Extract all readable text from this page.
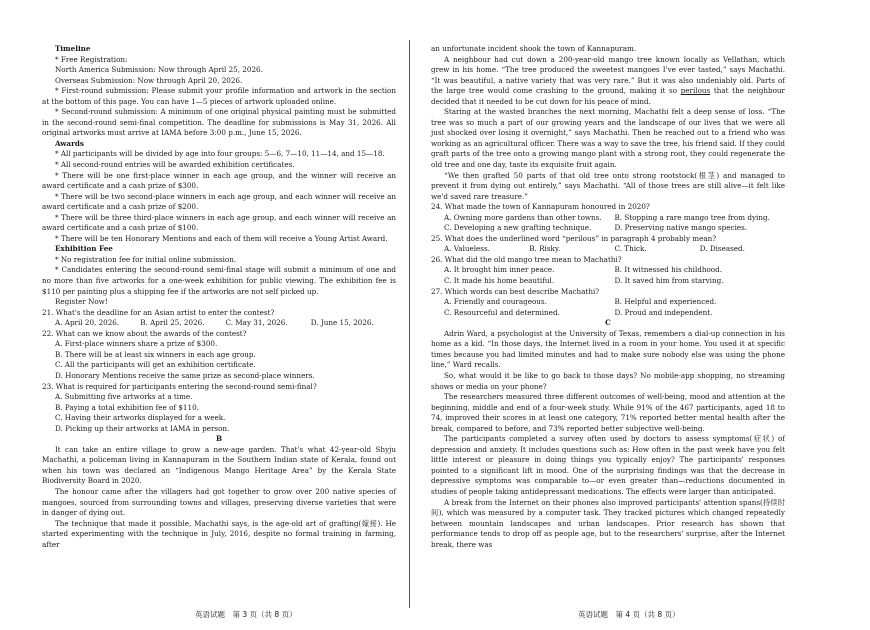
Timeline

* Free Registration:

North America Submission: Now through April 25, 2026.

Overseas Submission: Now through April 20, 2026.

* First-round submission: Please submit your profile information and artwork in the section at the bottom of this page. You can have 1—5 pieces of artwork uploaded online.

* Second-round submission: A minimum of one original physical painting must be submitted in the second-round semi-final competition. The deadline for submissions is May 31, 2026. All original artworks must arrive at IAMA before 3:00 p.m., June 15, 2026.

Awards

* All participants will be divided by age into four groups: 5—6, 7—10, 11—14, and 15—18.

* All second-round entries will be awarded exhibition certificates.

* There will be one first-place winner in each age group, and the winner will receive an award certificate and a cash prize of $300.

* There will be two second-place winners in each age group, and each winner will receive an award certificate and a cash prize of $200.

* There will be three third-place winners in each age group, and each winner will receive an award certificate and a cash prize of $100.

* There will be ten Honorary Mentions and each of them will receive a Young Artist Award.

Exhibition Fee

* No registration fee for initial online submission.

* Candidates entering the second-round semi-final stage will submit a minimum of one and no more than five artworks for a one-week exhibition for public viewing. The exhibition fee is $110 per painting plus a shipping fee if the artworks are not self picked up.

Register Now!

21. What's the deadline for an Asian artist to enter the contest?

A. April 20, 2026.	B. April 25, 2026.	C. May 31, 2026.	D. June 15, 2026.

22. What can we know about the awards of the contest?

A. First-place winners share a prize of $300.

B. There will be at least six winners in each age group.

C. All the participants will get an exhibition certificate.

D. Honorary Mentions receive the same prize as second-place winners.

23. What is required for participants entering the second-round semi-final?

A. Submitting five artworks at a time.

B. Paying a total exhibition fee of $110.

C. Having their artworks displayed for a week.

D. Picking up their artworks at IAMA in person.

B

It can take an entire village to grow a new-age garden. That's what 42-year-old Shyju Machathi, a policeman living in Kannapuram in the Southern Indian state of Kerala, found out when his town was declared an “Indigenous Mango Heritage Area” by the Kerala State Biodiversity Board in 2020.

The honour came after the villagers had got together to grow over 200 native species of mangoes, sourced from surrounding towns and villages, preserving diverse varieties that were in danger of dying out.

The technique that made it possible, Machathi says, is the age-old art of grafting(嫁接). He started experimenting with the technique in July, 2016, despite no formal training in farming, after

an unfortunate incident shook the town of Kannapuram.

A neighbour had cut down a 200-year-old mango tree known locally as Vellathan, which grew in his home. “The tree produced the sweetest mangoes I've ever tasted,” says Machathi. “It was beautiful, a native variety that was very rare.” But it was also undeniably old. Parts of the large tree would come crashing to the ground, making it so perilous that the neighbour decided that it needed to be cut down for his peace of mind.

Staring at the wasted branches the next morning, Machathi felt a deep sense of loss. “The tree was so much a part of our growing years and the landscape of our lives that we were all just shocked over losing it overnight,” says Machathi. Then he reached out to a friend who was working as an agricultural officer. There was a way to save the tree, his friend said. If they could graft parts of the tree onto a growing mango plant with a strong root, they could regenerate the old tree and one day, taste its exquisite fruit again.

“We then grafted 50 parts of that old tree onto strong rootstock(根茎) and managed to prevent it from dying out entirely,” says Machathi. “All of those trees are still alive—it felt like we'd saved rare treasure.”

24. What made the town of Kannapuram honoured in 2020?

A. Owning more gardens than other towns.	B. Stopping a rare mango tree from dying.
C. Developing a new grafting technique.	D. Preserving native mango species.

25. What does the underlined word “perilous” in paragraph 4 probably mean?

A. Valueless.	B. Risky.	C. Thick.	D. Diseased.

26. What did the old mango tree mean to Machathi?

A. It brought him inner peace.	B. It witnessed his childhood.
C. It made his home beautiful.	D. It saved him from starving.

27. Which words can best describe Machathi?

A. Friendly and courageous.	B. Helpful and experienced.
C. Resourceful and determined.	D. Proud and independent.

C

Adrin Ward, a psychologist at the University of Texas, remembers a dial-up connection in his home as a kid. “In those days, the Internet lived in a room in your home. You used it at specific times because you had limited minutes and had to make sure nobody else was using the phone line,” Ward recalls.

So, what would it be like to go back to those days? No mobile-app shopping, no streaming shows or media on your phone?

The researchers measured three different outcomes of well-being, mood and attention at the beginning, middle and end of a four-week study. While 91% of the 467 participants, aged 18 to 74, improved their scores in at least one category, 71% reported better mental health after the break, compared to before, and 73% reported better subjective well-being.

The participants completed a survey often used by doctors to assess symptoms(症状) of depression and anxiety. It includes questions such as: How often in the past week have you felt little interest or pleasure in doing things you typically enjoy? The participants' responses pointed to a significant lift in mood. One of the surprising findings was that the decrease in depressive symptoms was comparable to—or even greater than—reductions documented in studies of people taking antidepressant medications. The effects were larger than anticipated.

A break from the Internet on their phones also improved participants' attention spans(持续时间), which was measured by a computer task. They tracked pictures which changed repeatedly between mountain landscapes and urban landscapes. Prior research has shown that performance tends to drop off as people age, but to the researchers' surprise, after the Internet break, there was

英语试题　第 3 页（共 8 页）	英语试题　第 4 页（共 8 页）
